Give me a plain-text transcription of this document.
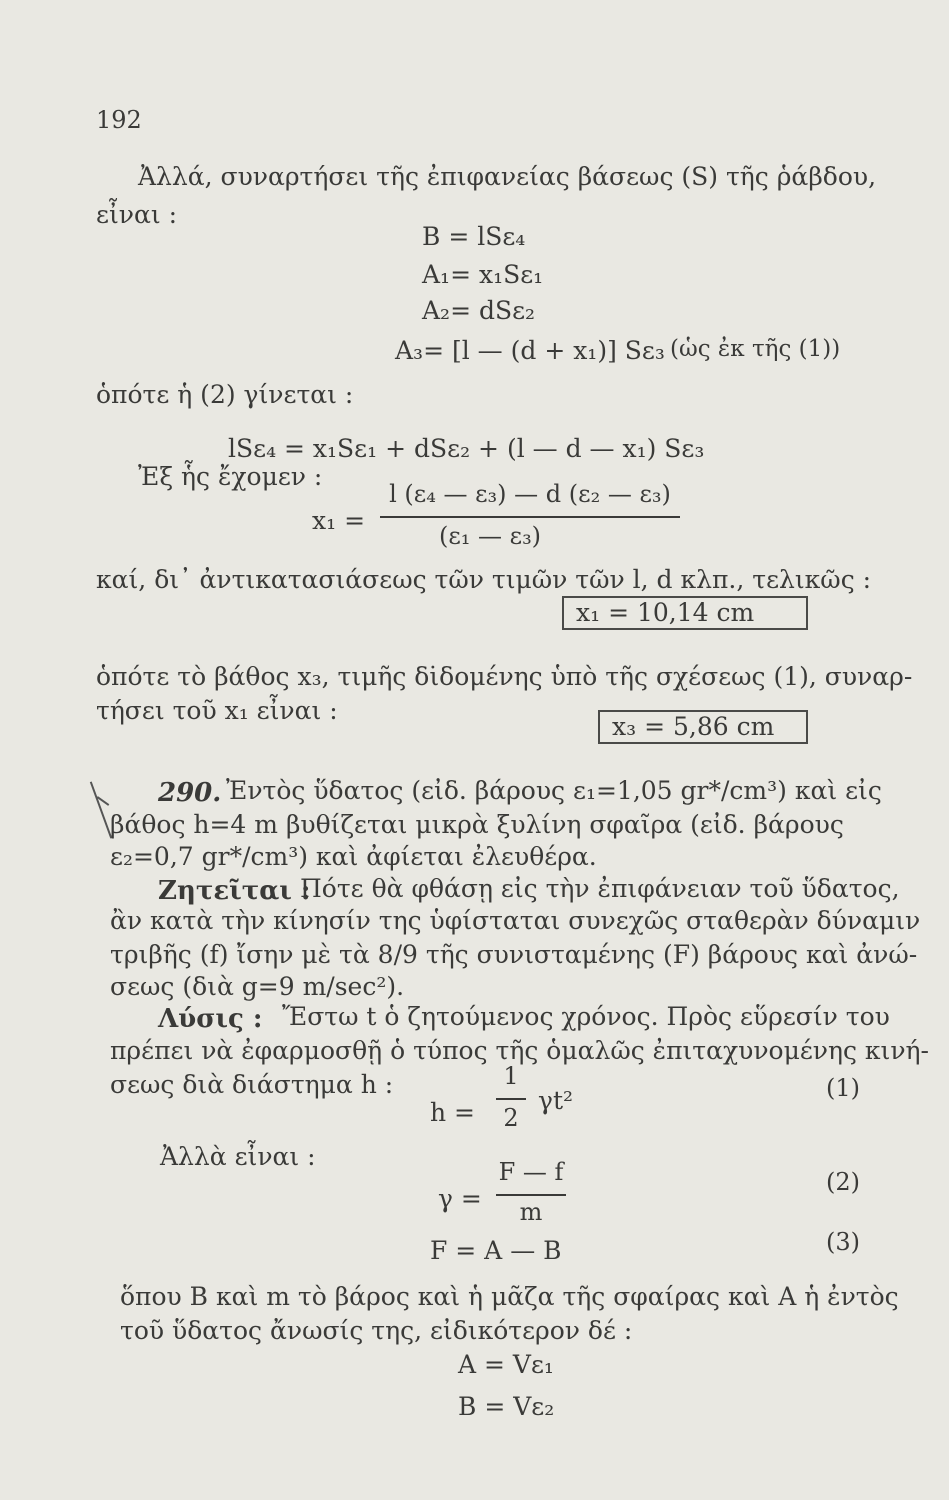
192
Ἀλλά, συναρτήσει τῆς ἐπιφανείας βάσεως (S) τῆς ῥάβδου,
εἶναι :
B = lSε₄
A₁= x₁Sε₁
A₂= dSε₂
A₃= [l — (d + x₁)] Sε₃ (ὡς ἐκ τῆς (1))
ὁπότε ἡ (2) γίνεται :
lSε₄ = x₁Sε₁ + dSε₂ + (l — d — x₁) Sε₃
Ἐξ ἧς ἔχομεν :
x₁ =
l (ε₄ — ε₃) — d (ε₂ — ε₃)
(ε₁ — ε₃)
καί, δι᾽ ἀντικατασιάσεως τῶν τιμῶν τῶν l, d κλπ., τελικῶς :
x₁ = 10,14 cm
ὁπότε τὸ βάθος x₃, τιμῆς δι̇δομένης ὑπὸ τῆς σχέσεως (1), συναρ-
τήσει τοῦ x₁ εἶναι :
x₃ = 5,86 cm
290. Ἐντὸς ὕδατος (εἰδ. βάρους ε₁=1,05 gr*/cm³) καὶ εἰς
βάθος h=4 m βυθίζεται μικρὰ ξυλίνη σφαῖρα (εἰδ. βάρους
ε₂=0,7 gr*/cm³) καὶ ἀφίεται ἐλευθέρα.
Ζητεῖται :
Πότε θὰ φθάσῃ εἰς τὴν ἐπιφάνειαν τοῦ ὕδατος,
ἂν κατὰ τὴν κίνησίν της ὑφίσταται συνεχῶς σταθερὰν δύναμιν
τριβῆς (f) ἴσην μὲ τὰ 8/9 τῆς συνισταμένης (F) βάρους καὶ ἀνώ-
σεως (διὰ g=9 m/sec²).
Λύσις : Ἔστω t ὁ ζητούμενος χρόνος. Πρὸς εὕρεσίν του
πρέπει νὰ ἐφαρμοσθῇ ὁ τύπος τῆς ὁμαλῶς ἐπιταχυνομένης κινή-
σεως διὰ διάστημα h :
h =
1
2
γt²	(1)
Ἀλλὰ εἶναι :
γ =
F — f
m
(2)
F = A — B	(3)
ὅπου B καὶ m τὸ βάρος καὶ ἡ μᾶζα τῆς σφαίρας καὶ A ἡ ἐντὸς
τοῦ ὕδατος ἄνωσίς της, εἰδικότερον δέ :
A = Vε₁
B = Vε₂
